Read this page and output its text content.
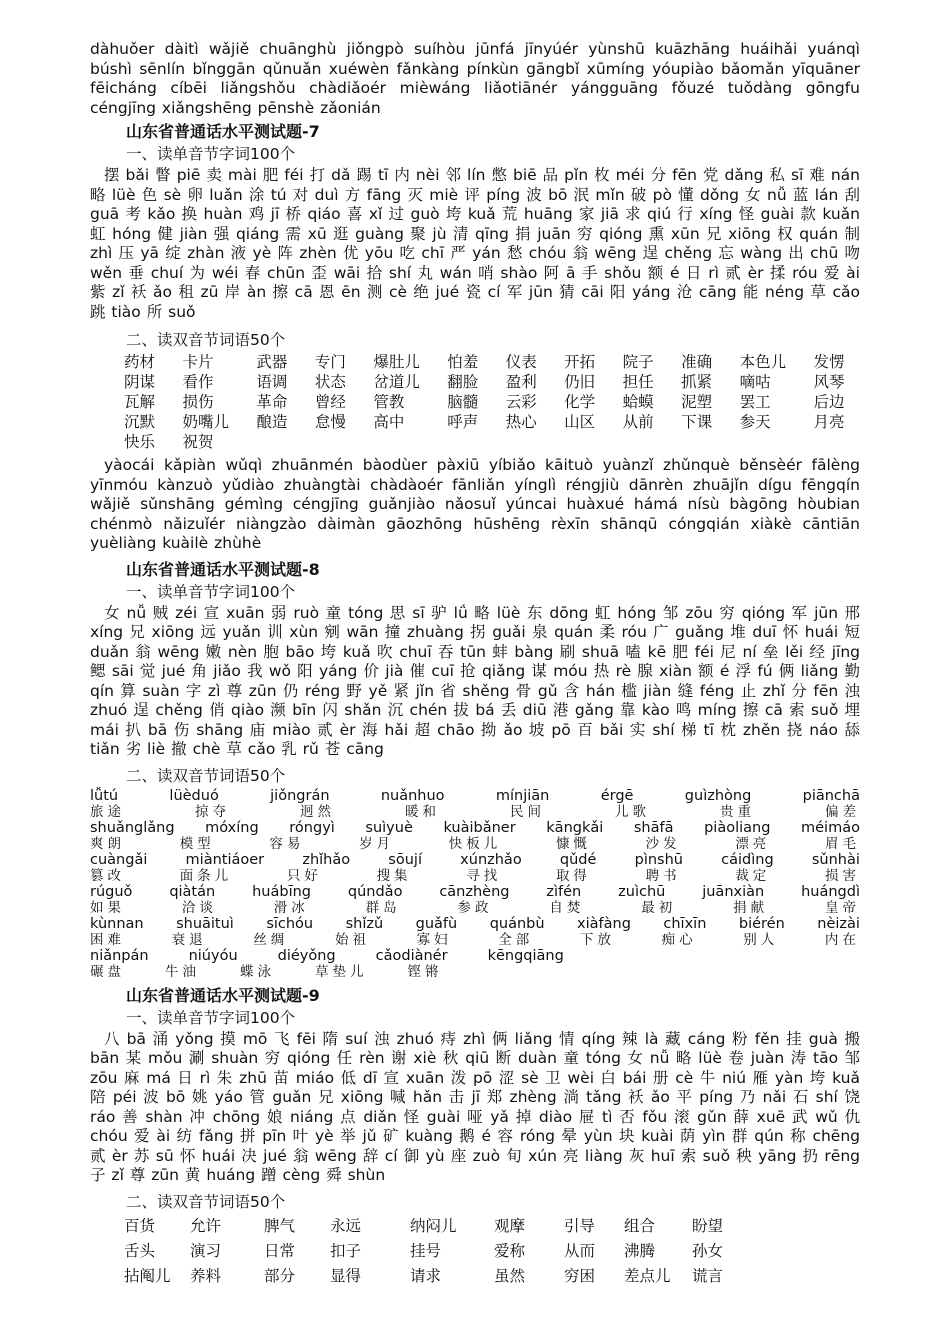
dàhuǒer dàitì wǎjiě chuānghù jiǒngpò suíhòu jūnfá jīnyúér yùnshū kuāzhāng huáihǎi yuánqì búshì sēnlín bǐnggān qǔnuǎn xuéwèn fǎnkàng pínkùn gāngbǐ xūmíng yóupiào bǎomǎn yīquāner fēicháng cíbēi liǎngshǒu chàdiǎoér mièwáng liǎotiānér yángguāng fǒuzé tuǒdàng gōngfu céngjīng xiǎngshēng pēnshè zǎonián

山东省普通话水平测试题-7
一、读单音节字词100个

摆 bǎi 瞥 piē 卖 mài 肥 féi 打 dǎ 踢 tī 内 nèi 邻 lín 憋 biē 品 pǐn 枚 méi 分 fēn 党 dǎng 私 sī 难 nán 略 lüè 色 sè 卵 luǎn 涂 tú 对 duì 方 fāng 灭 miè 评 píng 波 bō 泯 mǐn 破 pò 懂 dǒng 女 nǚ 蓝 lán 刮 guā 考 kǎo 换 huàn 鸡 jī 桥 qiáo 喜 xǐ 过 guò 垮 kuǎ 荒 huāng 家 jiā 求 qiú 行 xíng 怪 guài 款 kuǎn 虹 hóng 健 jiàn 强 qiáng 需 xū 逛 guàng 聚 jù 清 qīng 捐 juān 穷 qióng 熏 xūn 兄 xiōng 权 quán 制 zhì 压 yā 绽 zhàn 液 yè 阵 zhèn 优 yōu 吃 chī 严 yán 愁 chóu 翁 wēng 逞 chěng 忘 wàng 出 chū 吻 wěn 垂 chuí 为 wéi 春 chūn 歪 wāi 拾 shí 丸 wán 哨 shào 阿 ā 手 shǒu 额 é 日 rì 贰 èr 揉 róu 爱 ài 紫 zǐ 袄 ǎo 租 zū 岸 àn 擦 cā 恩 ēn 测 cè 绝 jué 瓷 cí 军 jūn 猜 cāi 阳 yáng 沧 cāng 能 néng 草 cǎo 跳 tiào 所 suǒ

二、读双音节词语50个
药材	卡片	武器	专门	爆肚儿	怕羞	仪表	开拓	院子	准确	本色儿	发愣
阴谋	看作	语调	状态	岔道儿	翻脸	盈利	仍旧	担任	抓紧	嘀咕	风琴
瓦解	损伤	革命	曾经	管教	脑髓	云彩	化学	蛤蟆	泥塑	罢工	后边
沉默	奶嘴儿	酿造	怠慢	高中	呼声	热心	山区	从前	下课	参天	月亮
快乐	祝贺

yàocái kǎpiàn wǔqì zhuānmén bàodùer pàxiū yíbiǎo kāituò yuànzǐ zhǔnquè běnsèér fālèng yīnmóu kànzuò yǔdiào zhuàngtài chàdàoér fānliǎn yínglì réngjiù dānrèn zhuājǐn dígu fēngqín wǎjiě sǔnshāng gémìng céngjīng guǎnjiào nǎosuǐ yúncai huàxué hámá nísù bàgōng hòubian chénmò nǎizuǐér niàngzào dàimàn gāozhōng hūshēng rèxīn shānqū cóngqián xiàkè cāntiān yuèliàng kuàilè zhùhè

山东省普通话水平测试题-8
一、读单音节字词100个

女 nǚ 贼 zéi 宣 xuān 弱 ruò 童 tóng 思 sī 驴 lǘ 略 lüè 东 dōng 虹 hóng 邹 zōu 穷 qióng 军 jūn 邢 xíng 兄 xiōng 远 yuǎn 训 xùn 剜 wān 撞 zhuàng 拐 guǎi 泉 quán 柔 róu 广 guǎng 堆 duī 怀 huái 短 duǎn 翁 wēng 嫩 nèn 胞 bāo 垮 kuǎ 吹 chuī 吞 tūn 蚌 bàng 刷 shuā 嗑 kē 肥 féi 尼 ní 垒 lěi 经 jīng 鳃 sāi 觉 jué 角 jiǎo 我 wǒ 阳 yáng 价 jià 催 cuī 抢 qiǎng 谋 móu 热 rè 腺 xiàn 额 é 浮 fú 俩 liǎng 勤 qín 算 suàn 字 zì 尊 zūn 仍 réng 野 yě 紧 jǐn 省 shěng 骨 gǔ 含 hán 槛 jiàn 缝 féng 止 zhǐ 分 fēn 浊 zhuó 逞 chěng 俏 qiào 濒 bīn 闪 shǎn 沉 chén 拔 bá 丢 diū 港 gǎng 靠 kào 鸣 míng 擦 cā 索 suǒ 埋 mái 扒 bā 伤 shāng 庙 miào 贰 èr 海 hǎi 超 chāo 拗 ǎo 坡 pō 百 bǎi 实 shí 梯 tī 枕 zhěn 挠 náo 舔 tiǎn 劣 liè 撤 chè 草 cǎo 乳 rǔ 苍 cāng

二、读双音节词语50个
lǚtú	lüèduó	jiǒngrán	nuǎnhuo	mínjiān	érgē	guìzhòng	piānchā
旅途	掠夺	迥然	暖和	民间	儿歌	贵重	偏差
shuǎnglǎng móxíng róngyì suìyuè kuàibǎner kāngkǎi shāfā piàoliang méimáo
爽朗	模型	容易	岁月	快板儿	慷慨	沙发	漂亮	眉毛
cuàngǎi	miàntiáoer	zhǐhǎo	sōují	xúnzhǎo	qǔdé	pìnshū	cáidìng	sǔnhài
篡改	面条儿	只好	搜集	寻找	取得	聘书	裁定	损害
rúguǒ	qiàtán	huábīng	qúndǎo	cānzhèng	zìfén	zuìchū	juānxiàn	huángdì
如果	洽谈	滑冰	群岛	参政	自焚	最初	捐献	皇帝
kùnnan shuāituì sīchóu shǐzǔ guǎfù quánbù xiàfàng chīxīn biérén nèizài
困难	衰退	丝绸	始祖	寡妇	全部	下放	痴心	别人	内在
niǎnpán	niúyóu	diéyǒng	cǎodiànér	kēngqiāng
碾盘	牛油	蝶泳	草垫儿	铿锵
山东省普通话水平测试题-9
一、读单音节字词100个

八 bā 涌 yǒng 摸 mō 飞 fēi 隋 suí 浊 zhuó 痔 zhì 俩 liǎng 情 qíng 辣 là 藏 cáng 粉 fěn 挂 guà 搬 bān 某 mǒu 涮 shuàn 穷 qióng 任 rèn 谢 xiè 秋 qiū 断 duàn 童 tóng 女 nǚ 略 lüè 卷 juàn 涛 tāo 邹 zōu 麻 má 日 rì 朱 zhū 苗 miáo 低 dī 宣 xuān 泼 pō 涩 sè 卫 wèi 白 bái 册 cè 牛 niú 雁 yàn 垮 kuǎ 陪 péi 波 bō 姚 yáo 管 guǎn 兄 xiōng 喊 hǎn 击 jī 郑 zhèng 淌 tǎng 袄 ǎo 平 píng 乃 nǎi 石 shí 饶 ráo 善 shàn 冲 chōng 娘 niáng 点 diǎn 怪 guài 哑 yǎ 掉 diào 屉 tì 否 fǒu 滚 gǔn 薛 xuē 武 wǔ 仇 chóu 爱 ài 纺 fǎng 拼 pīn 叶 yè 举 jǔ 矿 kuàng 鹅 é 容 róng 晕 yùn 块 kuài 荫 yìn 群 qún 称 chēng 贰 èr 苏 sū 怀 huái 决 jué 翁 wēng 辞 cí 御 yù 座 zuò 旬 xún 亮 liàng 灰 huī 索 suǒ 秧 yāng 扔 rēng 子 zǐ 尊 zūn 黄 huáng 蹭 cèng 舜 shùn

二、读双音节词语50个
百货	允许	脾气	永远	纳闷儿	观摩	引导	组合	盼望
舌头	演习	日常	扣子	挂号	爱称	从而	沸腾	孙女
拈阄儿	养料	部分	显得	请求	虽然	穷困	差点儿	谎言
